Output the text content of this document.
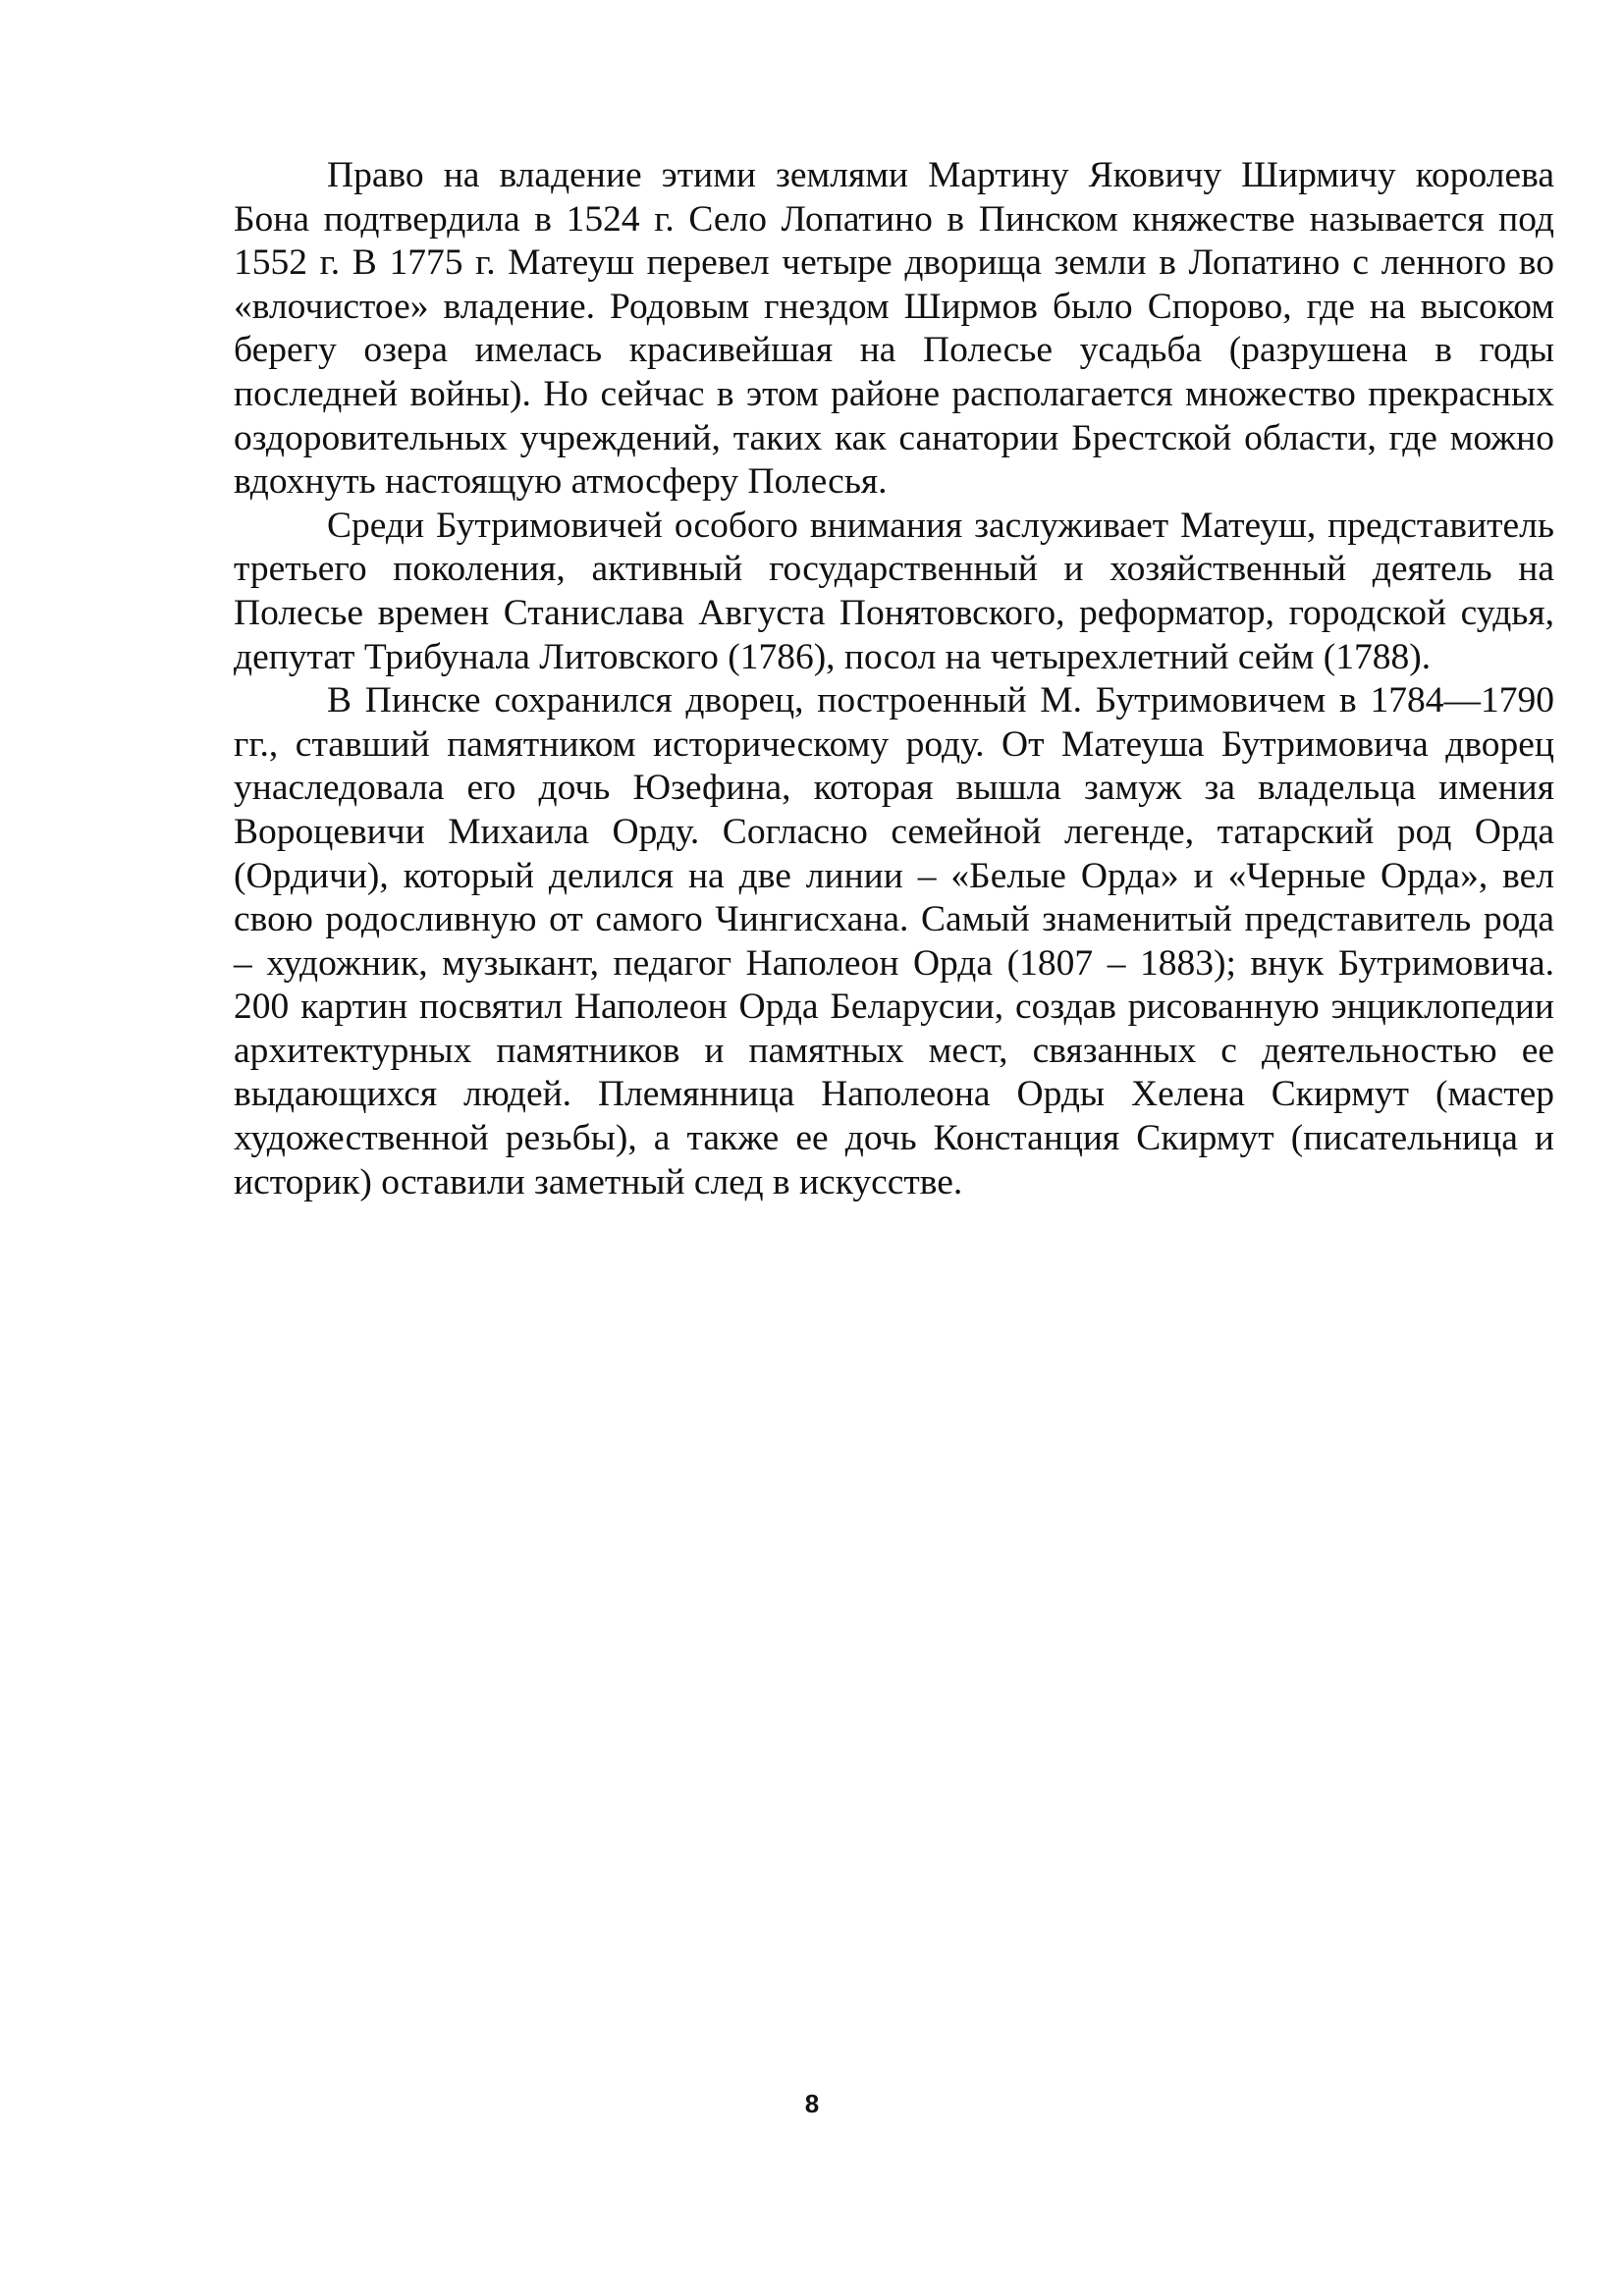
Право на владение этими землями Мартину Яковичу Ширмичу королева Бона подтвердила в 1524 г. Село Лопатино в Пинском княжестве называется под 1552 г. В 1775 г. Матеуш перевел четыре дворища земли в Лопатино с ленного во «влочистое» владение. Родовым гнездом Ширмов было Спорово, где на высоком берегу озера имелась красивейшая на Полесье усадьба (разрушена в годы последней войны). Но сейчас в этом районе располагается множество прекрасных оздоровительных учреждений, таких как санатории Брестской области, где можно вдохнуть настоящую атмосферу Полесья.

Среди Бутримовичей особого внимания заслуживает Матеуш, представитель третьего поколения, активный государственный и хозяйственный деятель на Полесье времен Станислава Августа Понятовского, реформатор, городской судья, депутат Трибунала Литовского (1786), посол на четырехлетний сейм (1788).

В Пинске сохранился дворец, построенный М. Бутримовичем в 1784—1790 гг., ставший памятником историческому роду. От Матеуша Бутримовича дворец унаследовала его дочь Юзефина, которая вышла замуж за владельца имения Вороцевичи Михаила Орду. Согласно семейной легенде, татарский род Орда (Ордичи), который делился на две линии – «Белые Орда» и «Черные Орда», вел свою родосливную от самого Чингисхана. Самый знаменитый представитель рода – художник, музыкант, педагог Наполеон Орда (1807 – 1883); внук Бутримовича. 200 картин посвятил Наполеон Орда Беларусии, создав рисованную энциклопедии архитектурных памятников и памятных мест, связанных с деятельностью ее выдающихся людей. Племянница Наполеона Орды Хелена Скирмут (мастер художественной резьбы), а также ее дочь Констанция Скирмут (писательница и историк) оставили заметный след в искусстве.

8
